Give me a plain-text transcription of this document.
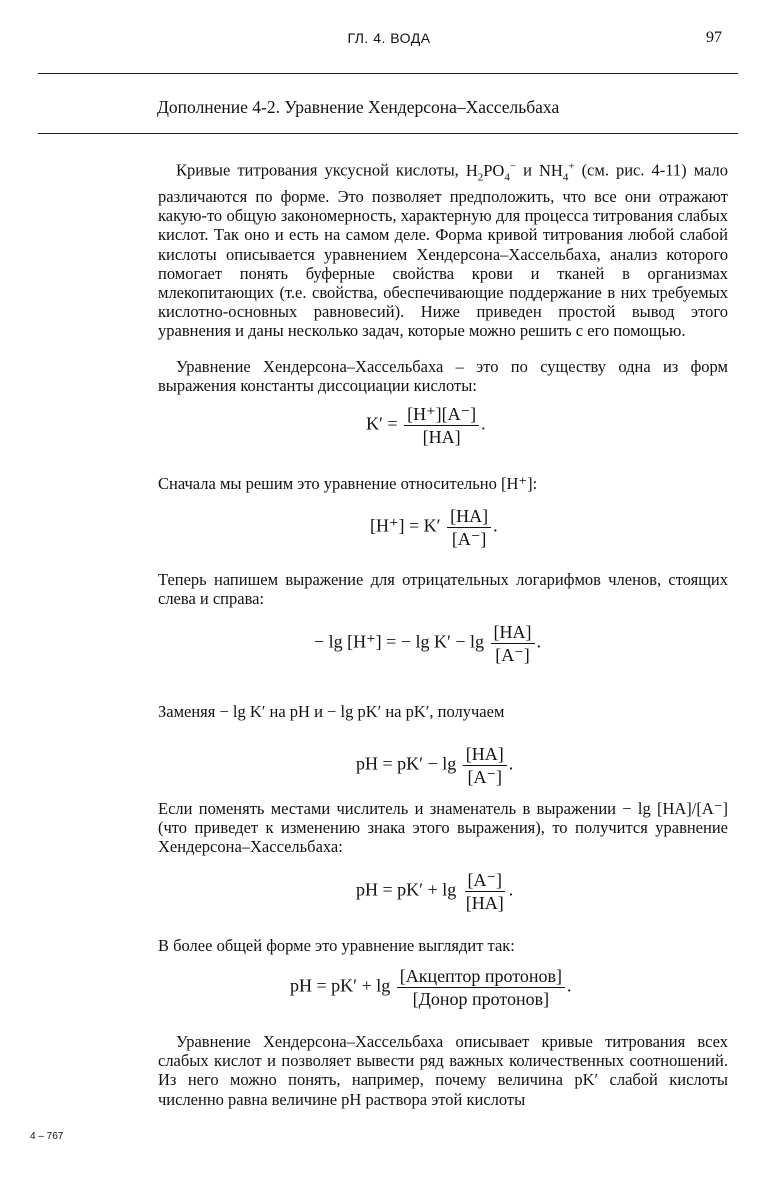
ГЛ. 4. ВОДА	97
Дополнение 4-2. Уравнение Хендерсона–Хассельбаха
Кривые титрования уксусной кислоты, $H_2PO_4^-$ и $NH_4^+$ (см. рис. 4-11) мало различаются по форме. Это позволяет предположить, что все они отражают какую-то общую закономерность, характерную для процесса титрования слабых кислот. Так оно и есть на самом деле. Форма кривой титрования любой слабой кислоты описывается уравнением Хендерсона–Хассельбаха, анализ которого помогает понять буферные свойства крови и тканей в организмах млекопитающих (т.е. свойства, обеспечивающие поддержание в них требуемых кислотно-основных равновесий). Ниже приведен простой вывод этого уравнения и даны несколько задач, которые можно решить с его помощью.
Уравнение Хендерсона–Хассельбаха – это по существу одна из форм выражения константы диссоциации кислоты:
$K' = \frac{[H^+][A^-]}{[HA]}$ .
Сначала мы решим это уравнение относительно [H⁺]:
$[H^+] = K' \frac{[HA]}{[A^-]}$ .
Теперь напишем выражение для отрицательных логарифмов членов, стоящих слева и справа:
− lg [H⁺] = − $\lg K' - \lg \frac{[HA]}{[A^-]}$ .
Заменяя − lg K′ на pH и − lg pK′ на pK′, получаем
pH = $pK' - \lg \frac{[HA]}{[A^-]}$ .
Если поменять местами числитель и знаменатель в выражении − lg [HA]/[A⁻] (что приведет к изменению знака этого выражения), то получится уравнение Хендерсона–Хассельбаха:
pH = $pK' + \lg \frac{[A^-]}{[HA]}$ .
В более общей форме это уравнение выглядит так:
pH = $pK' + \lg \frac{\text{[Акцептор протонов]}}{\text{[Донор протонов]}}$ .
Уравнение Хендерсона–Хассельбаха описывает кривые титрования всех слабых кислот и позволяет вывести ряд важных количественных соотношений. Из него можно понять, например, почему величина pK′ слабой кислоты численно равна величине pH раствора этой кислоты
4 – 767
